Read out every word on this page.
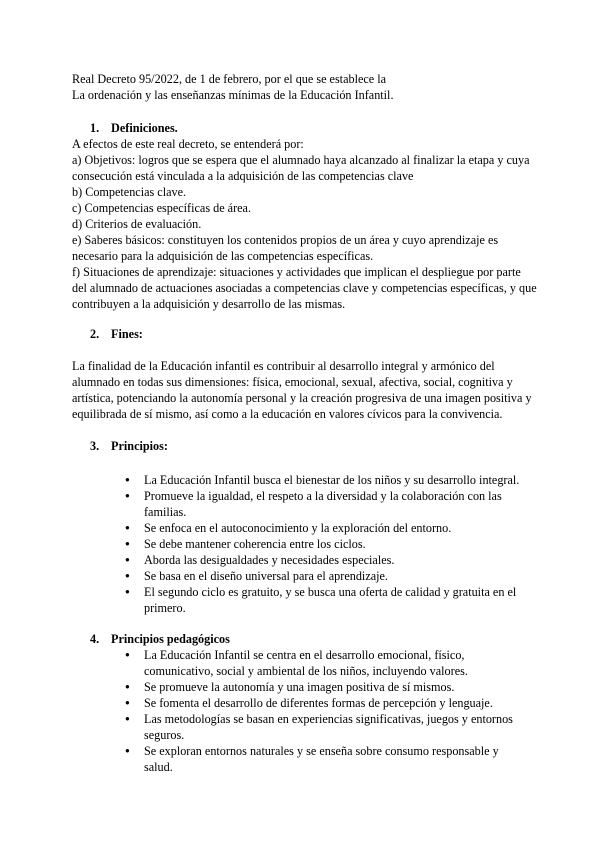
Real Decreto 95/2022, de 1 de febrero, por el que se establece la

La ordenación y las enseñanzas mínimas de la Educación Infantil.

1. Definiciones.

A efectos de este real decreto, se entenderá por:

a) Objetivos: logros que se espera que el alumnado haya alcanzado al finalizar la etapa y cuya consecución está vinculada a la adquisición de las competencias clave

b) Competencias clave.

c) Competencias específicas de área.

d) Criterios de evaluación.

e) Saberes básicos: constituyen los contenidos propios de un área y cuyo aprendizaje es necesario para la adquisición de las competencias específicas.

f) Situaciones de aprendizaje: situaciones y actividades que implican el despliegue por parte del alumnado de actuaciones asociadas a competencias clave y competencias específicas, y que contribuyen a la adquisición y desarrollo de las mismas.

2. Fines:

La finalidad de la Educación infantil es contribuir al desarrollo integral y armónico del alumnado en todas sus dimensiones: física, emocional, sexual, afectiva, social, cognitiva y artística, potenciando la autonomía personal y la creación progresiva de una imagen positiva y equilibrada de sí mismo, así como a la educación en valores cívicos para la convivencia.

3. Principios:
● La Educación Infantil busca el bienestar de los niños y su desarrollo integral.
● Promueve la igualdad, el respeto a la diversidad y la colaboración con las familias.
● Se enfoca en el autoconocimiento y la exploración del entorno.
● Se debe mantener coherencia entre los ciclos.
● Aborda las desigualdades y necesidades especiales.
● Se basa en el diseño universal para el aprendizaje.
● El segundo ciclo es gratuito, y se busca una oferta de calidad y gratuita en el primero.
4. Principios pedagógicos
● La Educación Infantil se centra en el desarrollo emocional, físico, comunicativo, social y ambiental de los niños, incluyendo valores.
● Se promueve la autonomía y una imagen positiva de sí mismos.
● Se fomenta el desarrollo de diferentes formas de percepción y lenguaje.
● Las metodologías se basan en experiencias significativas, juegos y entornos seguros.
● Se exploran entornos naturales y se enseña sobre consumo responsable y salud.
